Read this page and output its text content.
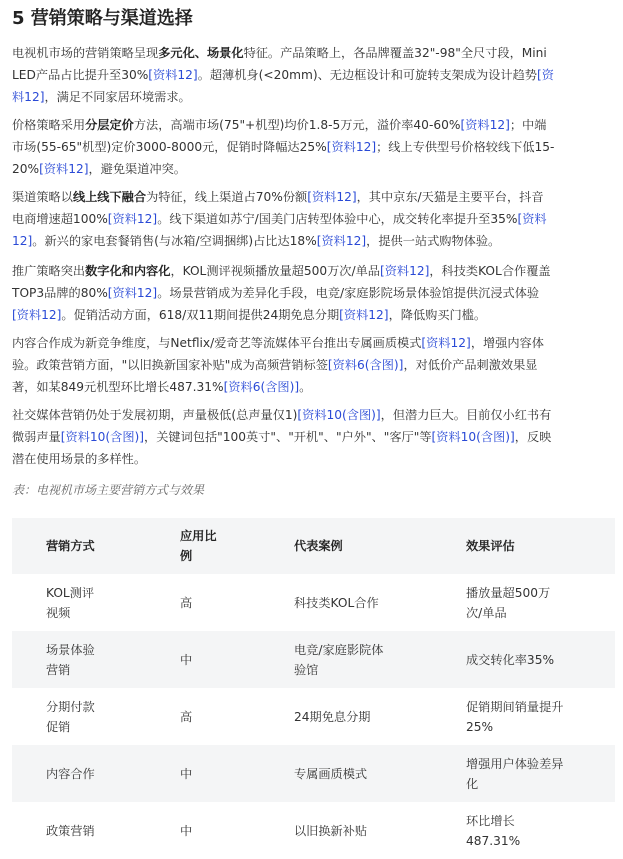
5 营销策略与渠道选择

电视机市场的营销策略呈现多元化、场景化特征。产品策略上，各品牌覆盖32"-98"全尺寸段，Mini
LED产品占比提升至30%[资料12]。超薄机身(<20mm)、无边框设计和可旋转支架成为设计趋势[资
料12]，满足不同家居环境需求。

价格策略采用分层定价方法，高端市场(75"+机型)均价1.8-5万元，溢价率40-60%[资料12]；中端
市场(55-65"机型)定价3000-8000元，促销时降幅达25%[资料12]；线上专供型号价格较线下低15-
20%[资料12]，避免渠道冲突。

渠道策略以线上线下融合为特征，线上渠道占70%份额[资料12]，其中京东/天猫是主要平台，抖音
电商增速超100%[资料12]。线下渠道如苏宁/国美门店转型体验中心，成交转化率提升至35%[资料
12]。新兴的家电套餐销售(与冰箱/空调捆绑)占比达18%[资料12]，提供一站式购物体验。

推广策略突出数字化和内容化，KOL测评视频播放量超500万次/单品[资料12]，科技类KOL合作覆盖
TOP3品牌的80%[资料12]。场景营销成为差异化手段，电竞/家庭影院场景体验馆提供沉浸式体验
[资料12]。促销活动方面，618/双11期间提供24期免息分期[资料12]，降低购买门槛。

内容合作成为新竞争维度，与Netflix/爱奇艺等流媒体平台推出专属画质模式[资料12]，增强内容体
验。政策营销方面，"以旧换新国家补贴"成为高频营销标签[资料6(含图)]，对低价产品刺激效果显
著，如某849元机型环比增长487.31%[资料6(含图)]。

社交媒体营销仍处于发展初期，声量极低(总声量仅1)[资料10(含图)]，但潜力巨大。目前仅小红书有
微弱声量[资料10(含图)]，关键词包括"100英寸"、"开机"、"户外"、"客厅"等[资料10(含图)]，反映
潜在使用场景的多样性。

表：电视机市场主要营销方式与效果

营销方式	应用比
例	代表案例	效果评估

KOL测评
视频	高	科技类KOL合作	播放量超500万
次/单品

场景体验
营销	中	电竞/家庭影院体
验馆	成交转化率35%

分期付款
促销	高	24期免息分期	促销期间销量提升
25%

内容合作	中	专属画质模式	增强用户体验差异
化

政策营销	中	以旧换新补贴	环比增长
487.31%
